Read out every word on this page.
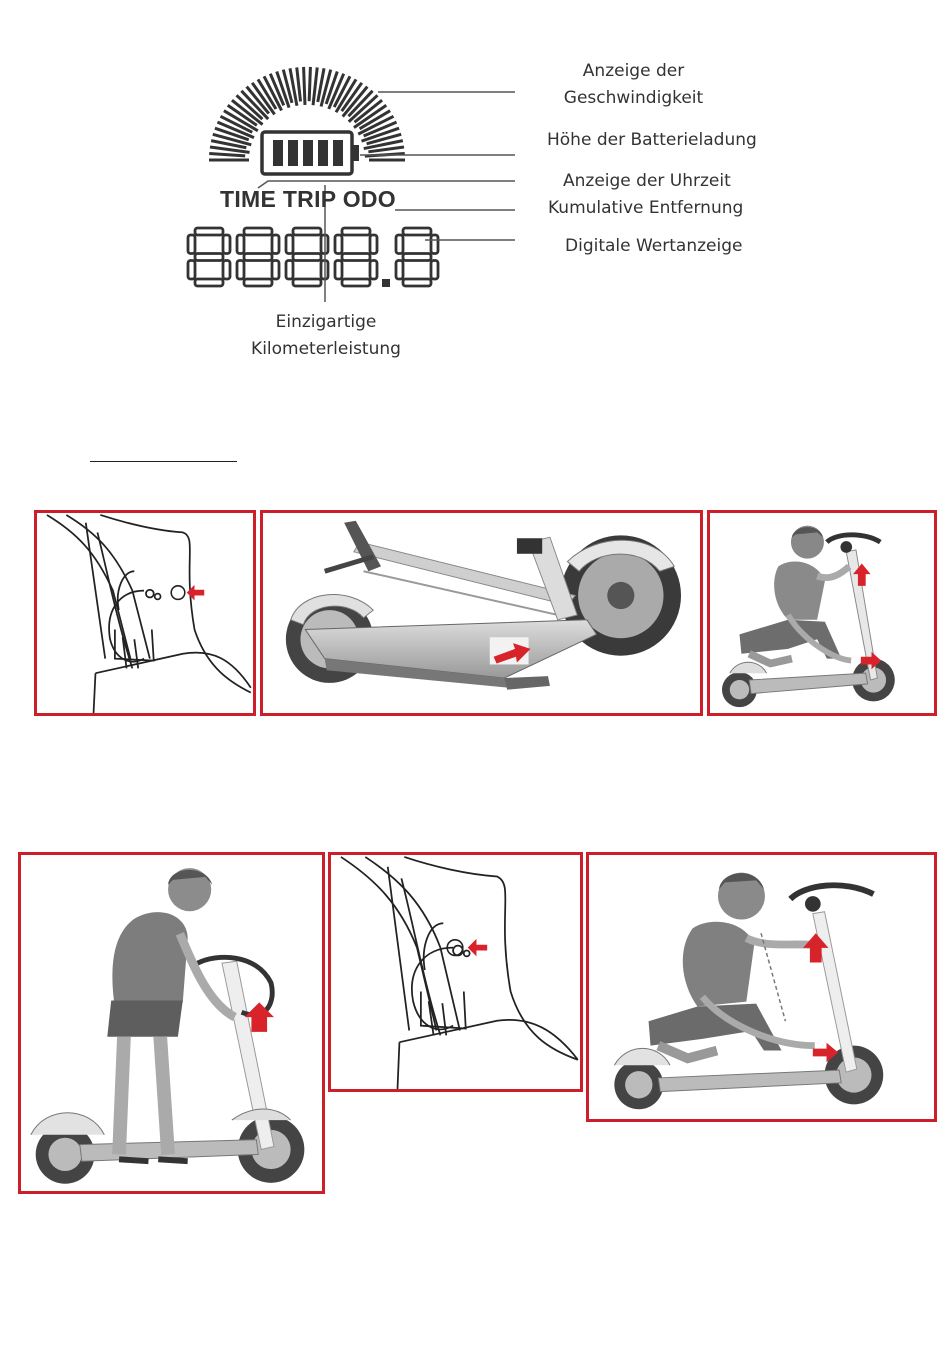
TIME TRIP ODO
Anzeige der
Geschwindigkeit
Höhe der Batterieladung
Anzeige der Uhrzeit
Kumulative Entfernung
Digitale Wertanzeige
Einzigartige
Kilometerleistung
